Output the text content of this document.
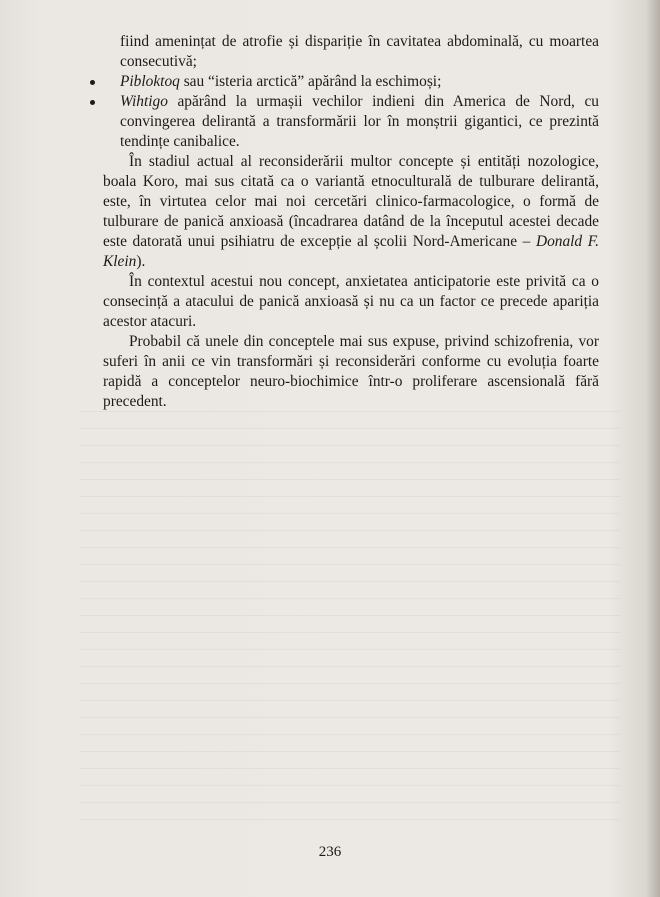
fiind amenințat de atrofie și dispariție în cavitatea abdominală, cu moartea consecutivă;

Pibloktoq sau “isteria arctică” apărând la eschimoși;
Wihtigo apărând la urmașii vechilor indieni din America de Nord, cu convingerea delirantă a transformării lor în monștrii gigantici, ce prezintă tendințe canibalice.

În stadiul actual al reconsiderării multor concepte și entități nozologice, boala Koro, mai sus citată ca o variantă etnoculturală de tulburare delirantă, este, în virtutea celor mai noi cercetări clinico-farmacologice, o formă de tulburare de panică anxioasă (încadrarea datând de la începutul acestei decade este datorată unui psihiatru de excepție al școlii Nord-Americane – Donald F. Klein).

În contextul acestui nou concept, anxietatea anticipatorie este privită ca o consecință a atacului de panică anxioasă și nu ca un factor ce precede apariția acestor atacuri.

Probabil că unele din conceptele mai sus expuse, privind schizofrenia, vor suferi în anii ce vin transformări și reconsiderări conforme cu evoluția foarte rapidă a conceptelor neuro-biochimice într-o proliferare ascensională fără precedent.

236
